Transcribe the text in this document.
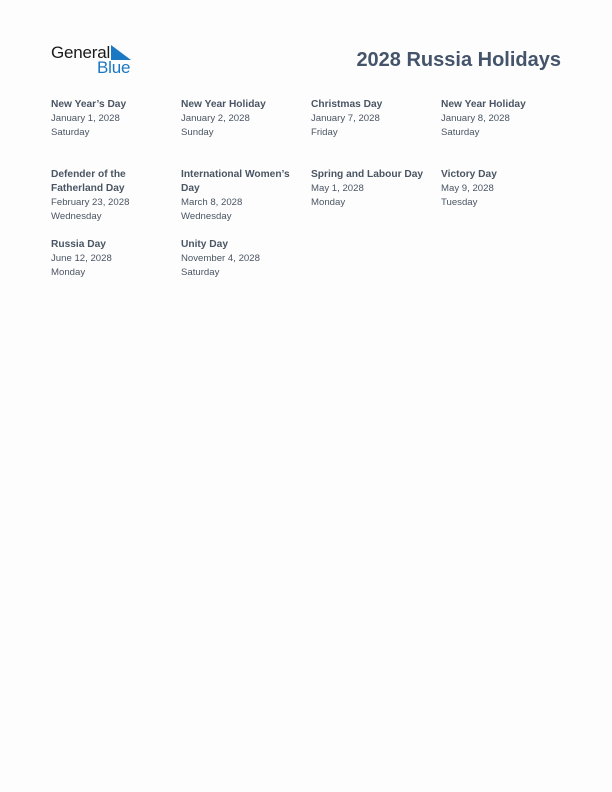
General
Blue	2028 Russia Holidays
New Year’s Day
January 1, 2028
Saturday
New Year Holiday
January 2, 2028
Sunday
Christmas Day
January 7, 2028
Friday
New Year Holiday
January 8, 2028
Saturday
Defender of the Fatherland Day
February 23, 2028
Wednesday
International Women’s Day
March 8, 2028
Wednesday
Spring and Labour Day
May 1, 2028
Monday
Victory Day
May 9, 2028
Tuesday
Russia Day
June 12, 2028
Monday
Unity Day
November 4, 2028
Saturday
